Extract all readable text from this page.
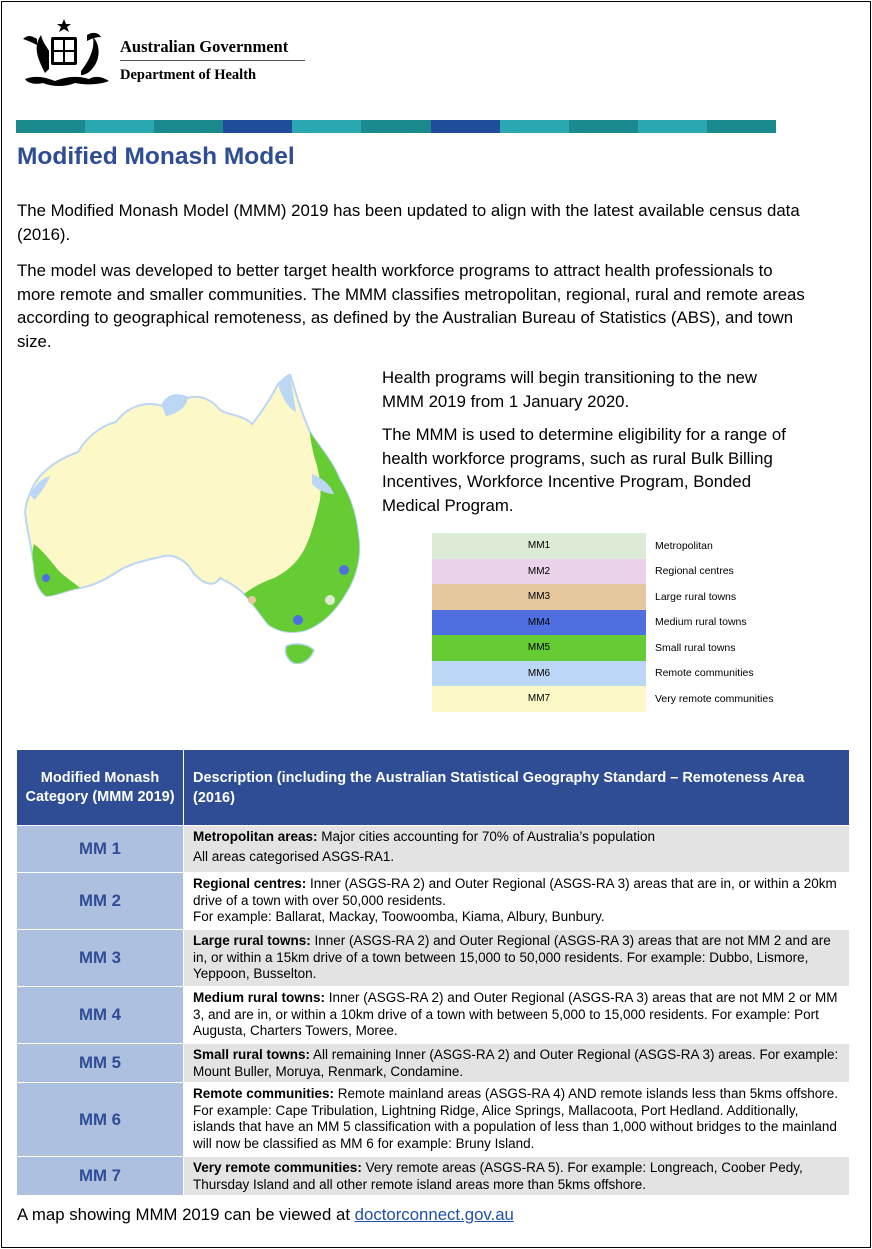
Australian Government
Department of Health
Modified Monash Model
The Modified Monash Model (MMM) 2019 has been updated to align with the latest available census data (2016).
The model was developed to better target health workforce programs to attract health professionals to more remote and smaller communities. The MMM classifies metropolitan, regional, rural and remote areas according to geographical remoteness, as defined by the Australian Bureau of Statistics (ABS), and town size.
Health programs will begin transitioning to the new MMM 2019 from 1 January 2020.
The MMM is used to determine eligibility for a range of health workforce programs, such as rural Bulk Billing Incentives, Workforce Incentive Program, Bonded Medical Program.
MM1	Metropolitan
MM2	Regional centres
MM3	Large rural towns
MM4	Medium rural towns
MM5	Small rural towns
MM6	Remote communities
MM7	Very remote communities
Modified Monash Category (MMM 2019)	Description (including the Australian Statistical Geography Standard – Remoteness Area (2016)
MM 1	Metropolitan areas: Major cities accounting for 70% of Australia’s population
All areas categorised ASGS-RA1.

MM 2	Regional centres: Inner (ASGS-RA 2) and Outer Regional (ASGS-RA 3) areas that are in, or within a 20km drive of a town with over 50,000 residents.
For example: Ballarat, Mackay, Toowoomba, Kiama, Albury, Bunbury.

MM 3	Large rural towns: Inner (ASGS-RA 2) and Outer Regional (ASGS-RA 3) areas that are not MM 2 and are in, or within a 15km drive of a town between 15,000 to 50,000 residents. For example: Dubbo, Lismore, Yeppoon, Busselton.
MM 4	Medium rural towns: Inner (ASGS-RA 2) and Outer Regional (ASGS-RA 3) areas that are not MM 2 or MM 3, and are in, or within a 10km drive of a town with between 5,000 to 15,000 residents. For example: Port Augusta, Charters Towers, Moree.
MM 5	Small rural towns: All remaining Inner (ASGS-RA 2) and Outer Regional (ASGS-RA 3) areas. For example: Mount Buller, Moruya, Renmark, Condamine.
MM 6	Remote communities: Remote mainland areas (ASGS-RA 4) AND remote islands less than 5kms offshore. For example: Cape Tribulation, Lightning Ridge, Alice Springs, Mallacoota, Port Hedland. Additionally, islands that have an MM 5 classification with a population of less than 1,000 without bridges to the mainland will now be classified as MM 6 for example: Bruny Island.
MM 7	Very remote communities: Very remote areas (ASGS-RA 5). For example: Longreach, Coober Pedy, Thursday Island and all other remote island areas more than 5kms offshore.
A map showing MMM 2019 can be viewed at doctorconnect.gov.au
